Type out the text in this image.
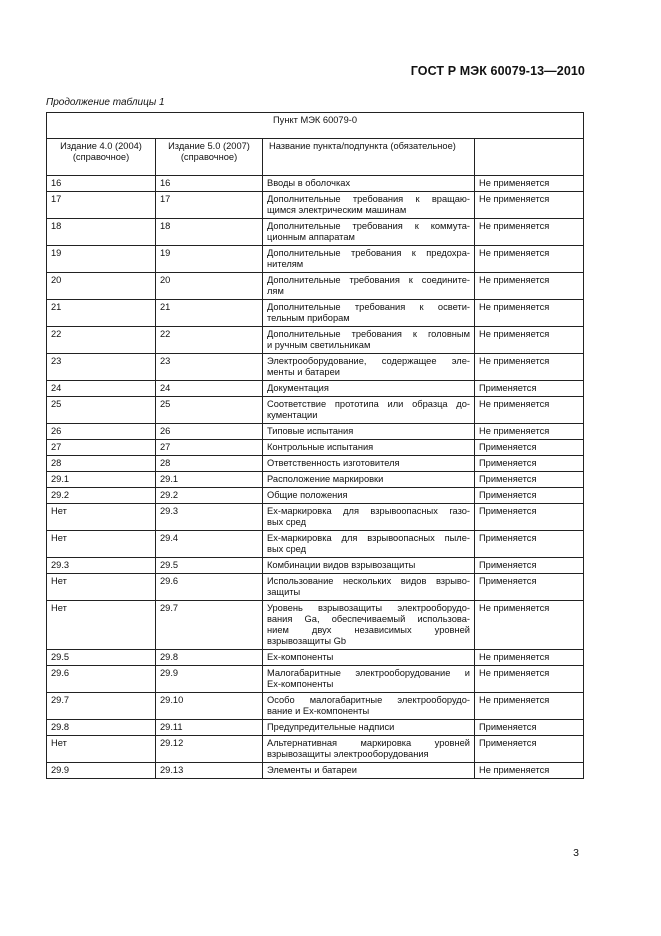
ГОСТ Р МЭК 60079-13—2010
Продолжение таблицы 1
Пункт МЭК 60079-0			
Издание 4.0 (2004)
(справочное)	Издание 5.0 (2007)
(справочное)	Название пункта/подпункта (обязательное)	
16	16	Вводы в оболочках	Не применяется
17	17	Дополнительные требования к вращаю-
щимся электрическим машинам	Не применяется
18	18	Дополнительные требования к коммута-
ционным аппаратам	Не применяется
19	19	Дополнительные требования к предохра-
нителям	Не применяется
20	20	Дополнительные требования к соедините-
лям	Не применяется
21	21	Дополнительные требования к освети-
тельным приборам	Не применяется
22	22	Дополнительные требования к головным
и ручным светильникам	Не применяется
23	23	Электрооборудование, содержащее эле-
менты и батареи	Не применяется
24	24	Документация	Применяется
25	25	Соответствие прототипа или образца до-
кументации	Не применяется
26	26	Типовые испытания	Не применяется
27	27	Контрольные испытания	Применяется
28	28	Ответственность изготовителя	Применяется
29.1	29.1	Расположение маркировки	Применяется
29.2	29.2	Общие положения	Применяется
Нет	29.3	Ex-маркировка для взрывоопасных газо-
вых сред	Применяется
Нет	29.4	Ex-маркировка для взрывоопасных пыле-
вых сред	Применяется
29.3	29.5	Комбинации видов взрывозащиты	Применяется
Нет	29.6	Использование нескольких видов взрыво-
защиты	Применяется
Нет	29.7	Уровень взрывозащиты электрооборудо-
вания Ga, обеспечиваемый использова-
нием двух независимых уровней
взрывозащиты Gb	Не применяется
29.5	29.8	Ex-компоненты	Не применяется
29.6	29.9	Малогабаритные электрооборудование и
Ex-компоненты	Не применяется
29.7	29.10	Особо малогабаритные электрооборудо-
вание и Ex-компоненты	Не применяется
29.8	29.11	Предупредительные надписи	Применяется
Нет	29.12	Альтернативная маркировка уровней
взрывозащиты электрооборудования	Применяется
29.9	29.13	Элементы и батареи	Не применяется
3
